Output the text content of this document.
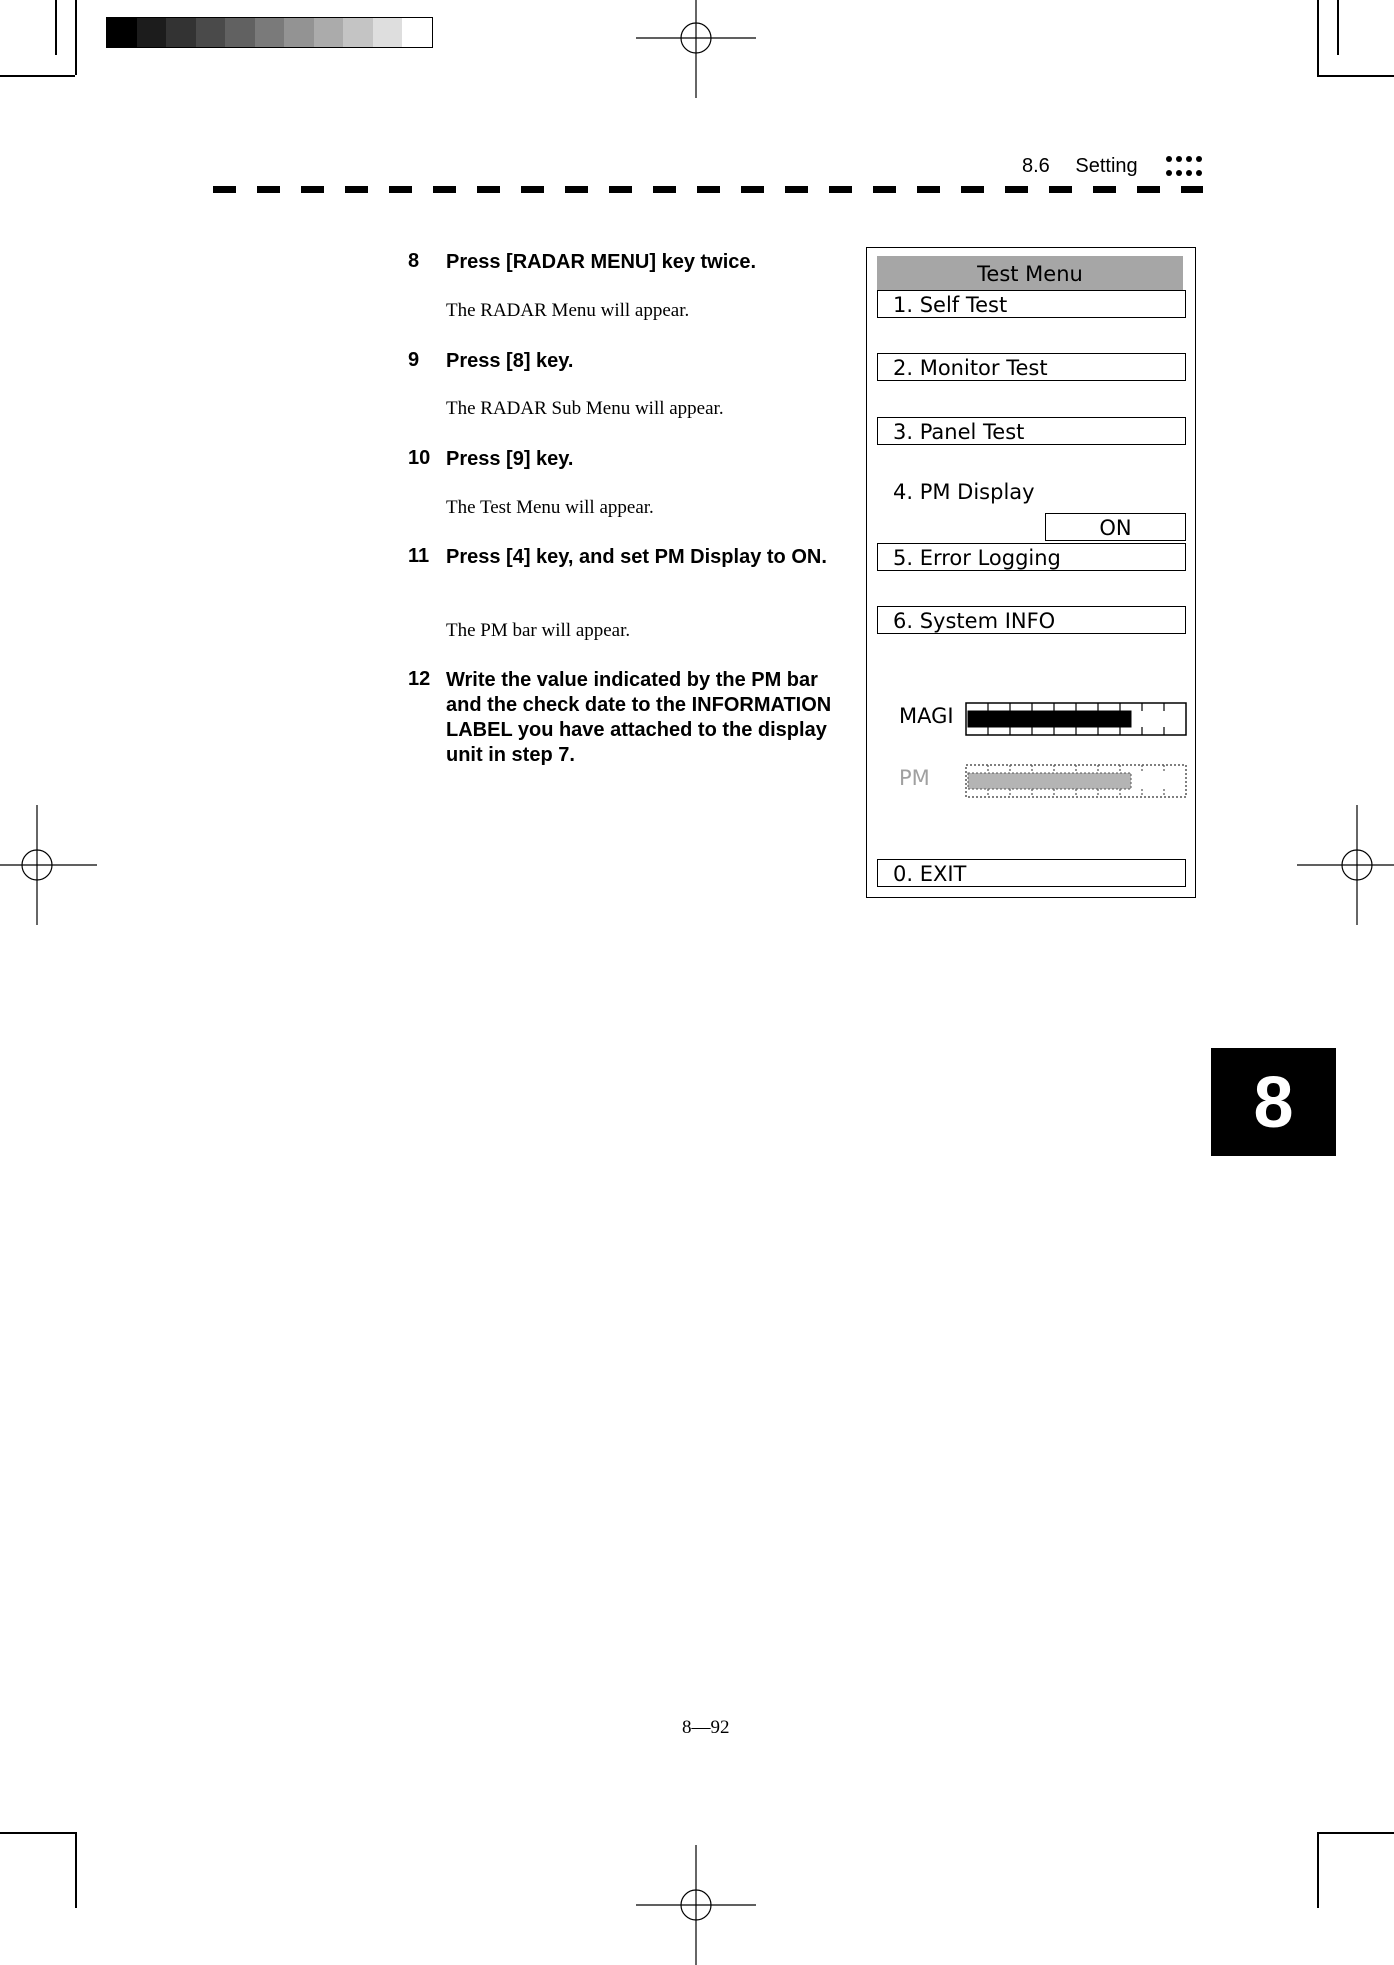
8.6 Setting
8	Press [RADAR MENU] key twice.
The RADAR Menu will appear.
9	Press [8] key.
The RADAR Sub Menu will appear.
10 Press [9] key.
The Test Menu will appear.
11 Press [4] key, and set PM Display to ON.
The PM bar will appear.
12 Write the value indicated by the PM bar and the check date to the INFORMATION LABEL you have attached to the display unit in step 7.
Test Menu
1. Self Test
2. Monitor Test
3. Panel Test
4. PM Display
ON
5. Error Logging
6. System INFO
MAGI
PM
0. EXIT
8
8—92
